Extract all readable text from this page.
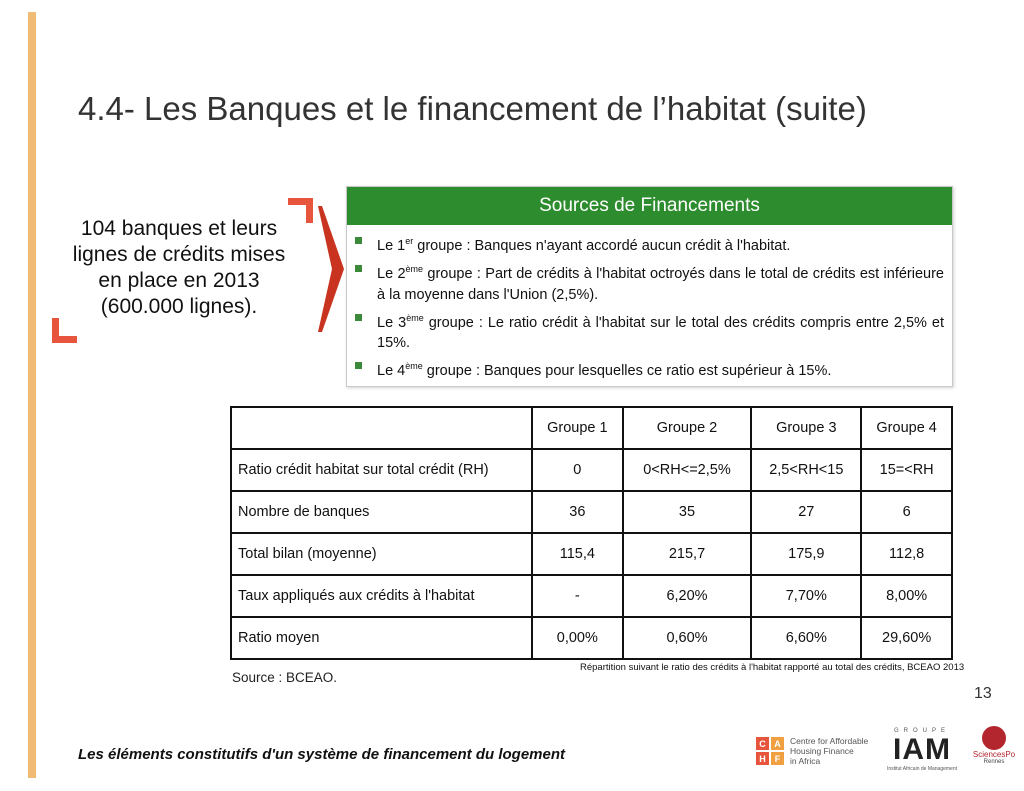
4.4- Les Banques et le financement de l’habitat (suite)
104 banques et leurs
lignes de crédits mises
en place en 2013
(600.000 lignes).
Sources de Financements
Le 1er groupe : Banques n'ayant accordé aucun crédit à l'habitat.
Le 2ème groupe : Part de crédits à l'habitat octroyés dans le total de crédits est inférieure à la moyenne dans l'Union (2,5%).
Le 3ème groupe : Le ratio crédit à l'habitat sur le total des crédits compris entre 2,5% et 15%.
Le 4ème groupe : Banques pour lesquelles ce ratio est supérieur à 15%.
	Groupe 1	Groupe 2	Groupe 3	Groupe 4
Ratio crédit habitat sur total crédit (RH)	0	0<RH<=2,5%	2,5<RH<15	15=<RH
Nombre de banques	36	35	27	6
Total bilan (moyenne)	115,4	215,7	175,9	112,8
Taux appliqués aux crédits à l'habitat	-	6,20%	7,70%	8,00%
Ratio moyen	0,00%	0,60%	6,60%	29,60%
Répartition suivant le ratio des crédits à l'habitat rapporté au total des crédits, BCEAO 2013
Source : BCEAO.
13
Les éléments constitutifs d'un système de financement du logement
C A
H	F
Centre for Affordable
Housing Finance
in Africa
GROUPE
IAM
Institut Africain de Management
SciencesPo
Rennes
